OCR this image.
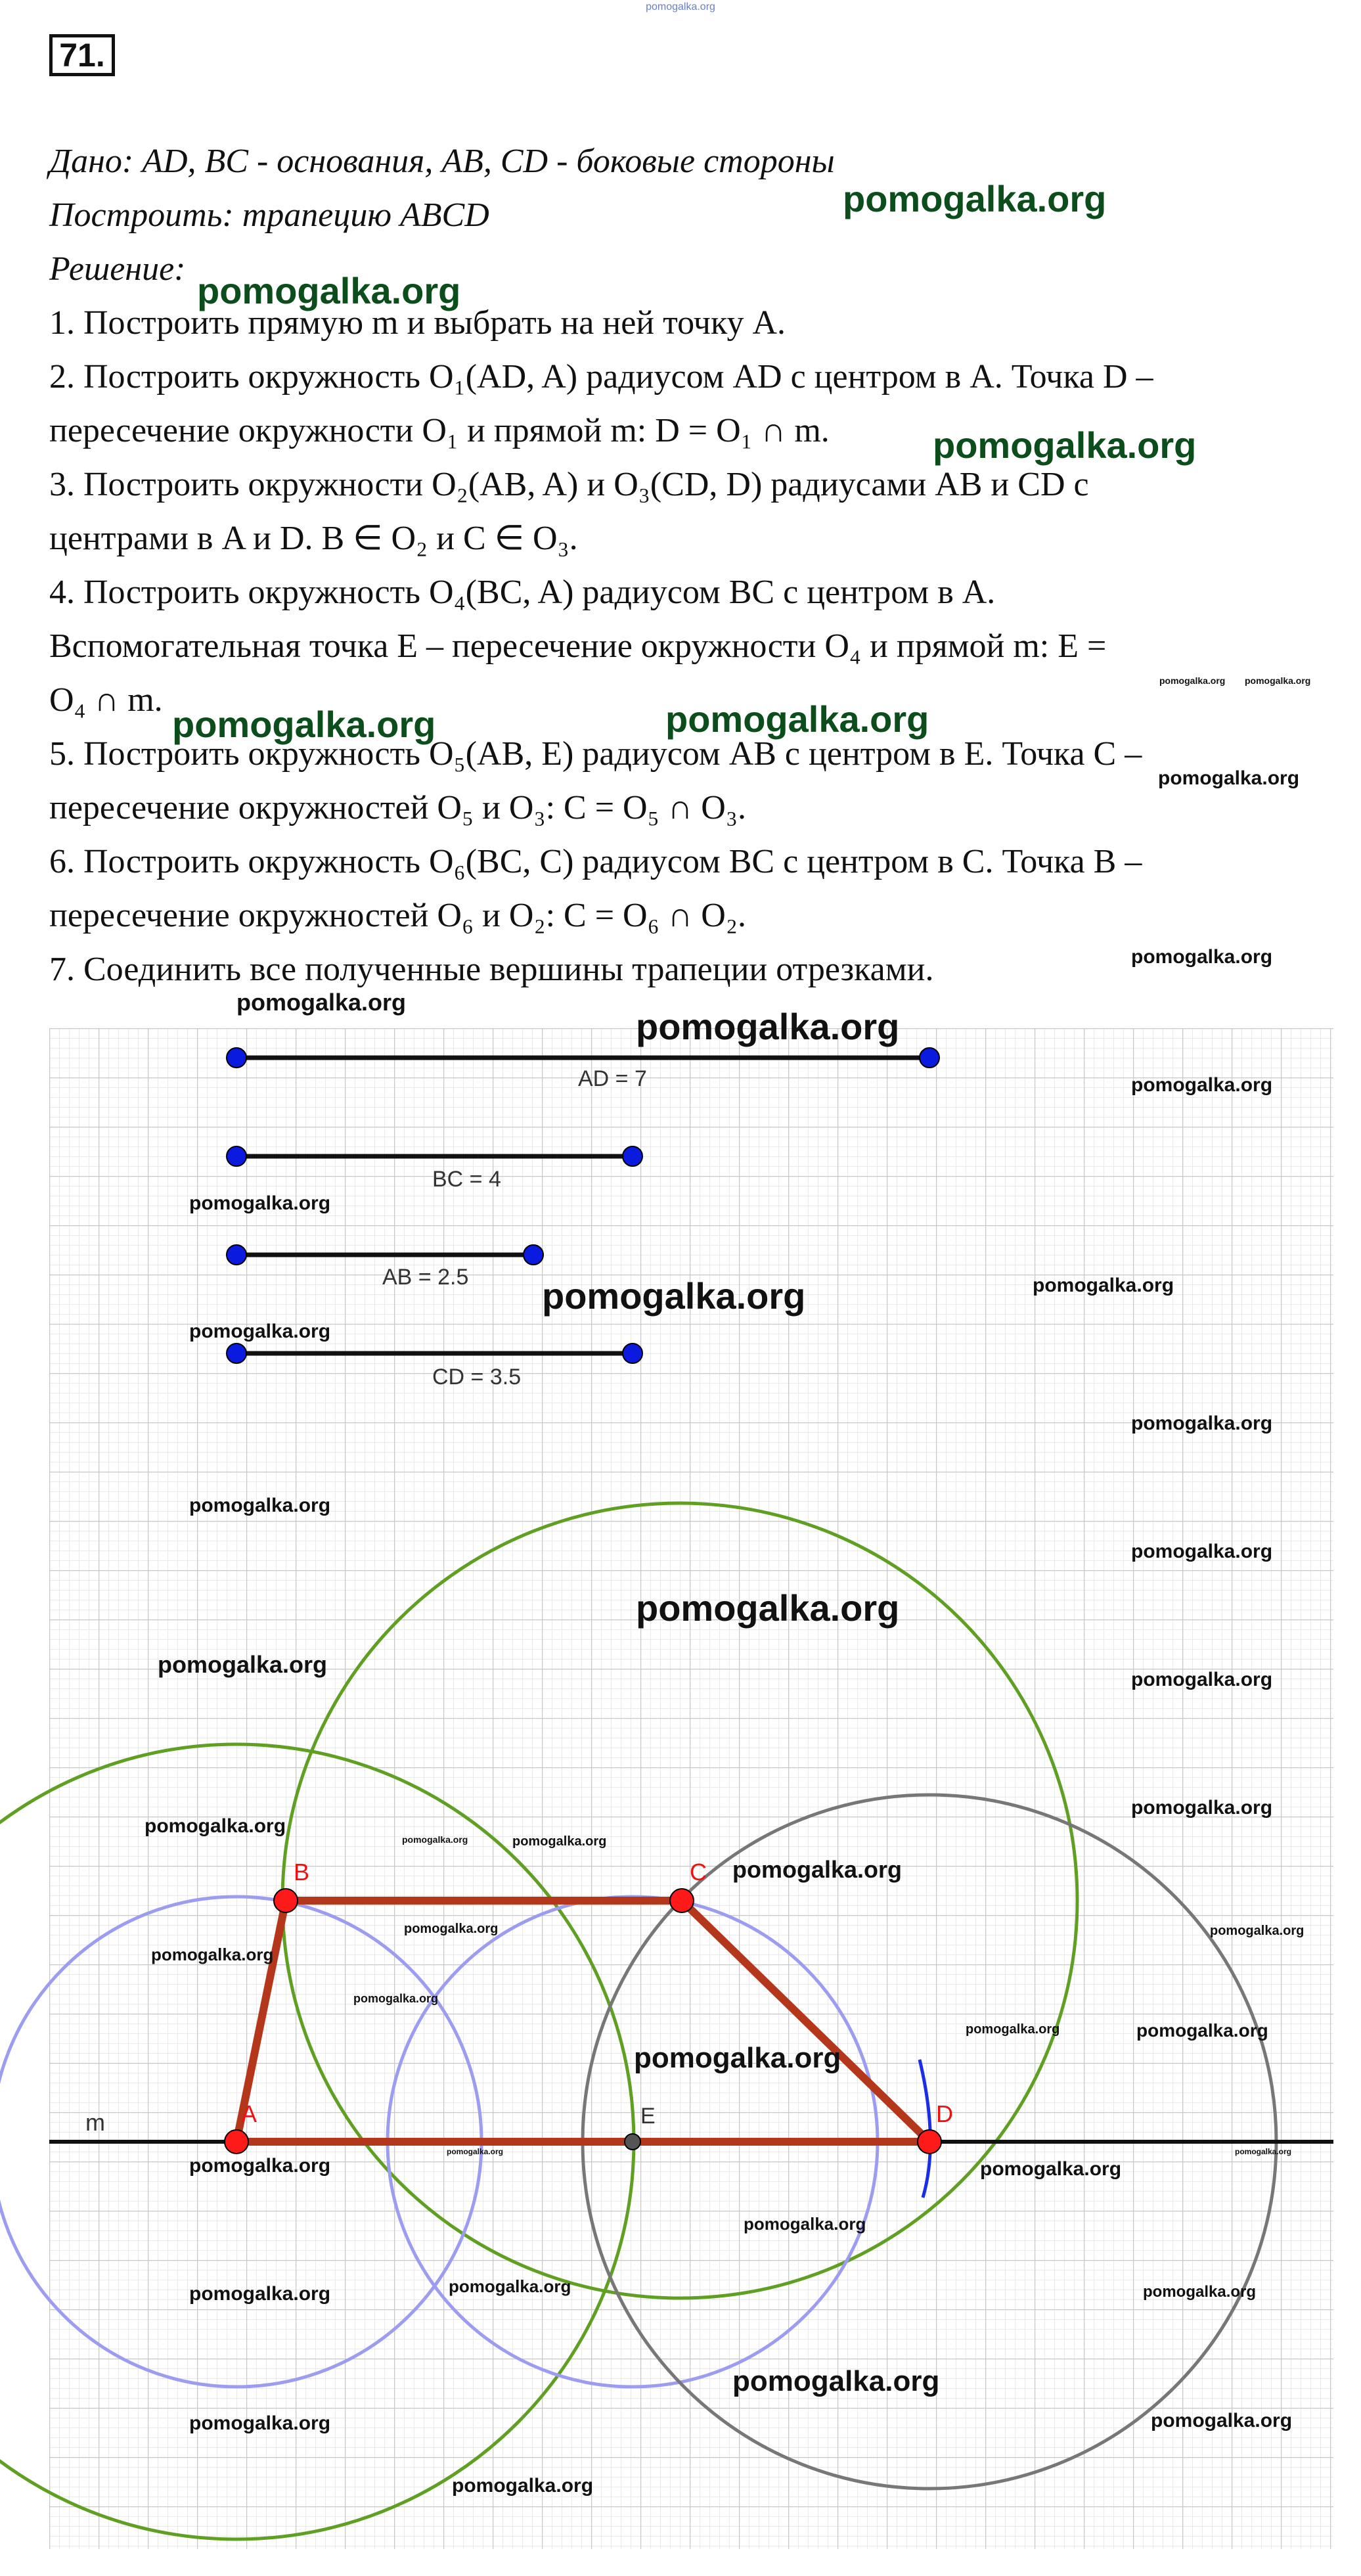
pomogalka.org
71.

Дано: AD, BC - основания, AB, CD - боковые стороны

Построить: трапецию ABCD

Решение:

1. Построить прямую m и выбрать на ней точку A.

2. Построить окружность O₁(AD, A) радиусом AD с центром в A. Точка D –

пересечение окружности O₁ и прямой m: D = O₁ ∩ m.

3. Построить окружности O₂(AB, A) и O₃(CD, D) радиусами AB и CD с

центрами в A и D. B ∈ O₂ и C ∈ O₃.

4. Построить окружность O₄(BC, A) радиусом BC с центром в A.

Вспомогательная точка E – пересечение окружности O₄ и прямой m: E =

O₄ ∩ m.

5. Построить окружность O₅(AB, E) радиусом AB с центром в E. Точка C –

пересечение окружностей O₅ и O₃: C = O₅ ∩ O₃.

6. Построить окружность O₆(BC, C) радиусом BC с центром в C. Точка B –

пересечение окружностей O₆ и O₂: C = O₆ ∩ O₂.

7. Соединить все полученные вершины трапеции отрезками.

AD = 7
BC = 4
AB = 2.5
CD = 3.5
m	A
B	C
D
E
pomogalka.org
pomogalka.org
pomogalka.org
pomogalka.org	pomogalka.org
pomogalka.org pomogalka.org
pomogalka.org
pomogalka.org
pomogalka.org
pomogalka.org
pomogalka.org
pomogalka.org
pomogalka.org	pomogalka.org
pomogalka.org
pomogalka.org
pomogalka.org
pomogalka.org
pomogalka.org
pomogalka.org
pomogalka.org
pomogalka.org
pomogalka.org
pomogalka.org	pomogalka.org
pomogalka.org
pomogalka.org	pomogalka.org
pomogalka.org
pomogalka.org
pomogalka.org
pomogalka.org
pomogalka.org
pomogalka.org	pomogalka.org
pomogalka.org	pomogalka.org
pomogalka.org
pomogalka.org	pomogalka.org	pomogalka.org
pomogalka.org
pomogalka.org	pomogalka.org
pomogalka.org
